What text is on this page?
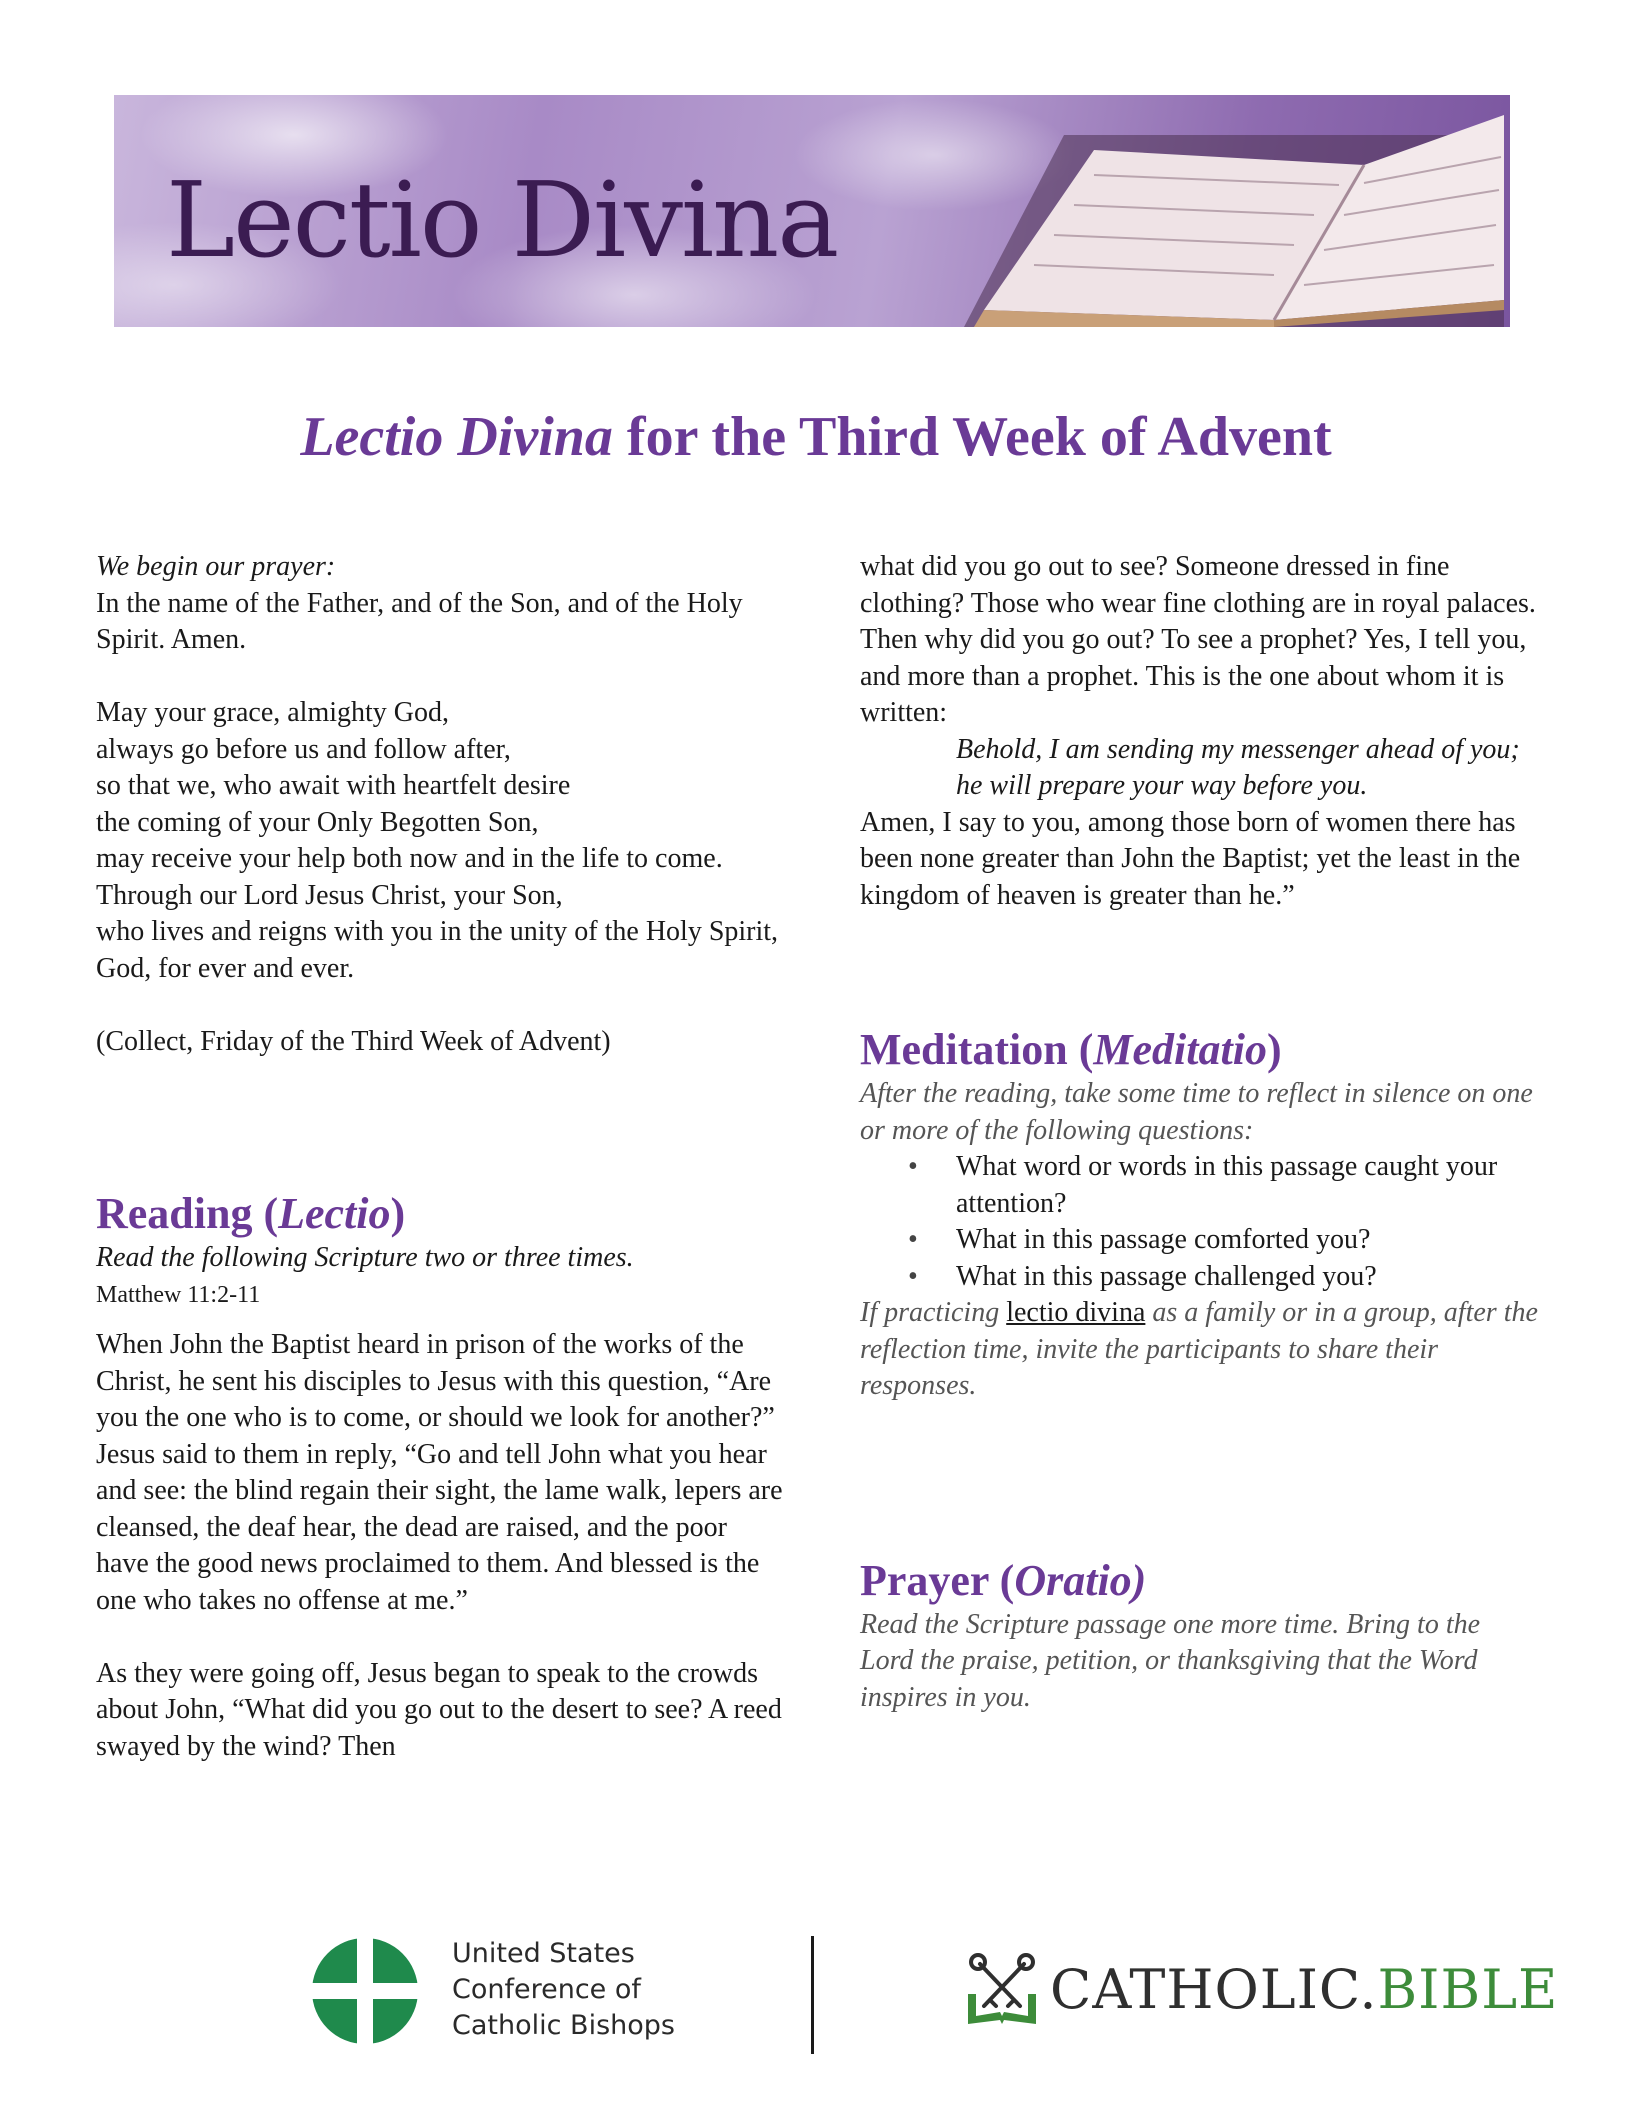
Lectio Divina
Lectio Divina for the Third Week of Advent

We begin our prayer:

In the name of the Father, and of the Son, and of the Holy Spirit. Amen.

May your grace, almighty God,

always go before us and follow after,

so that we, who await with heartfelt desire

the coming of your Only Begotten Son,

may receive your help both now and in the life to come.

Through our Lord Jesus Christ, your Son,

who lives and reigns with you in the unity of the Holy Spirit,

God, for ever and ever.

(Collect, Friday of the Third Week of Advent)

Reading (Lectio)

Read the following Scripture two or three times.

Matthew 11:2-11

When John the Baptist heard in prison of the works of the Christ, he sent his disciples to Jesus with this question, “Are you the one who is to come, or should we look for another?” Jesus said to them in reply, “Go and tell John what you hear and see: the blind regain their sight, the lame walk, lepers are cleansed, the deaf hear, the dead are raised, and the poor have the good news proclaimed to them. And blessed is the one who takes no offense at me.”

As they were going off, Jesus began to speak to the crowds about John, “What did you go out to the desert to see? A reed swayed by the wind? Then

what did you go out to see? Someone dressed in fine clothing? Those who wear fine clothing are in royal palaces. Then why did you go out? To see a prophet? Yes, I tell you, and more than a prophet. This is the one about whom it is written:

Behold, I am sending my messenger ahead of you;

he will prepare your way before you.

Amen, I say to you, among those born of women there has been none greater than John the Baptist; yet the least in the kingdom of heaven is greater than he.”

Meditation (Meditatio)

After the reading, take some time to reflect in silence on one or more of the following questions:

• What word or words in this passage caught your attention?
• What in this passage comforted you?
• What in this passage challenged you?

If practicing lectio divina as a family or in a group, after the reflection time, invite the participants to share their responses.

Prayer (Oratio)

Read the Scripture passage one more time. Bring to the Lord the praise, petition, or thanksgiving that the Word inspires in you.

United States
Conference of
Catholic Bishops
CATHOLIC.BIBLE
